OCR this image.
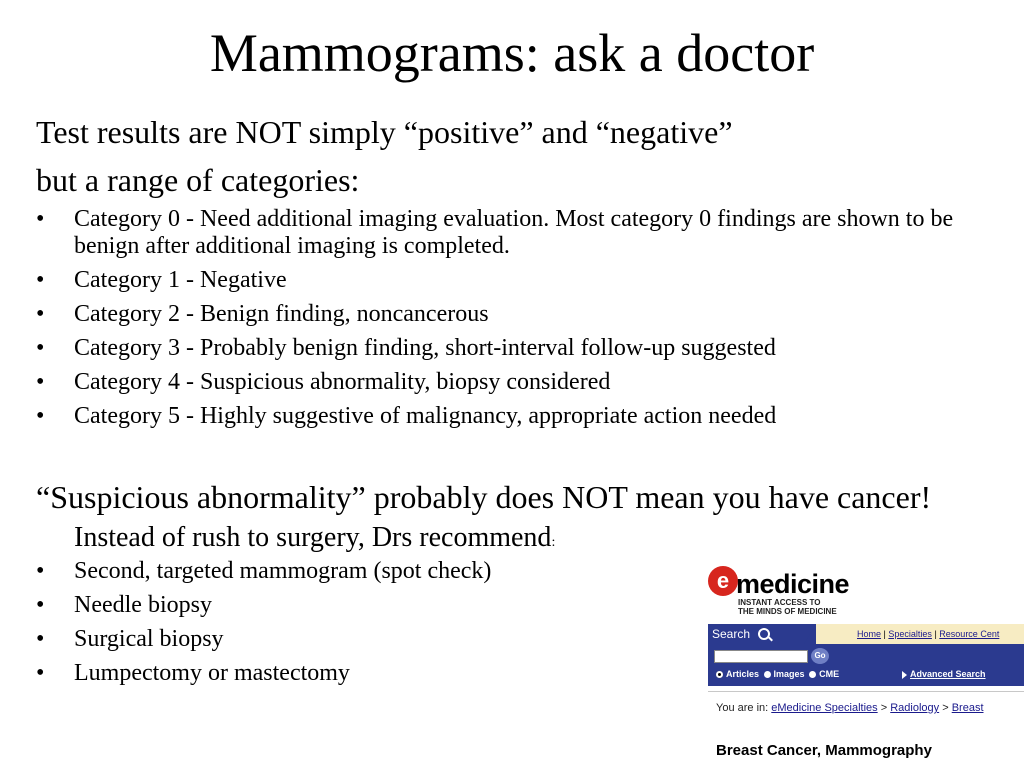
Mammograms: ask a doctor
Test results are NOT simply “positive” and “negative”
but a range of categories:
• Category 0 - Need additional imaging evaluation. Most category 0 findings are shown to be benign after additional imaging is completed.
• Category 1 - Negative
• Category 2 - Benign finding, noncancerous
• Category 3 - Probably benign finding, short-interval follow-up suggested
• Category 4 - Suspicious abnormality, biopsy considered
• Category 5 - Highly suggestive of malignancy, appropriate action needed
“Suspicious abnormality” probably does NOT mean you have cancer! Instead of rush to surgery, Drs recommend:
• Second, targeted mammogram (spot check)
• Needle biopsy
• Surgical biopsy
• Lumpectomy or mastectomy
e medicine
INSTANT ACCESS TO
THE MINDS OF MEDICINE
Search	Home | Specialties | Resource Cent
Go
Articles Images CME	Advanced Search
You are in: eMedicine Specialties > Radiology > Breast
Breast Cancer, Mammography
